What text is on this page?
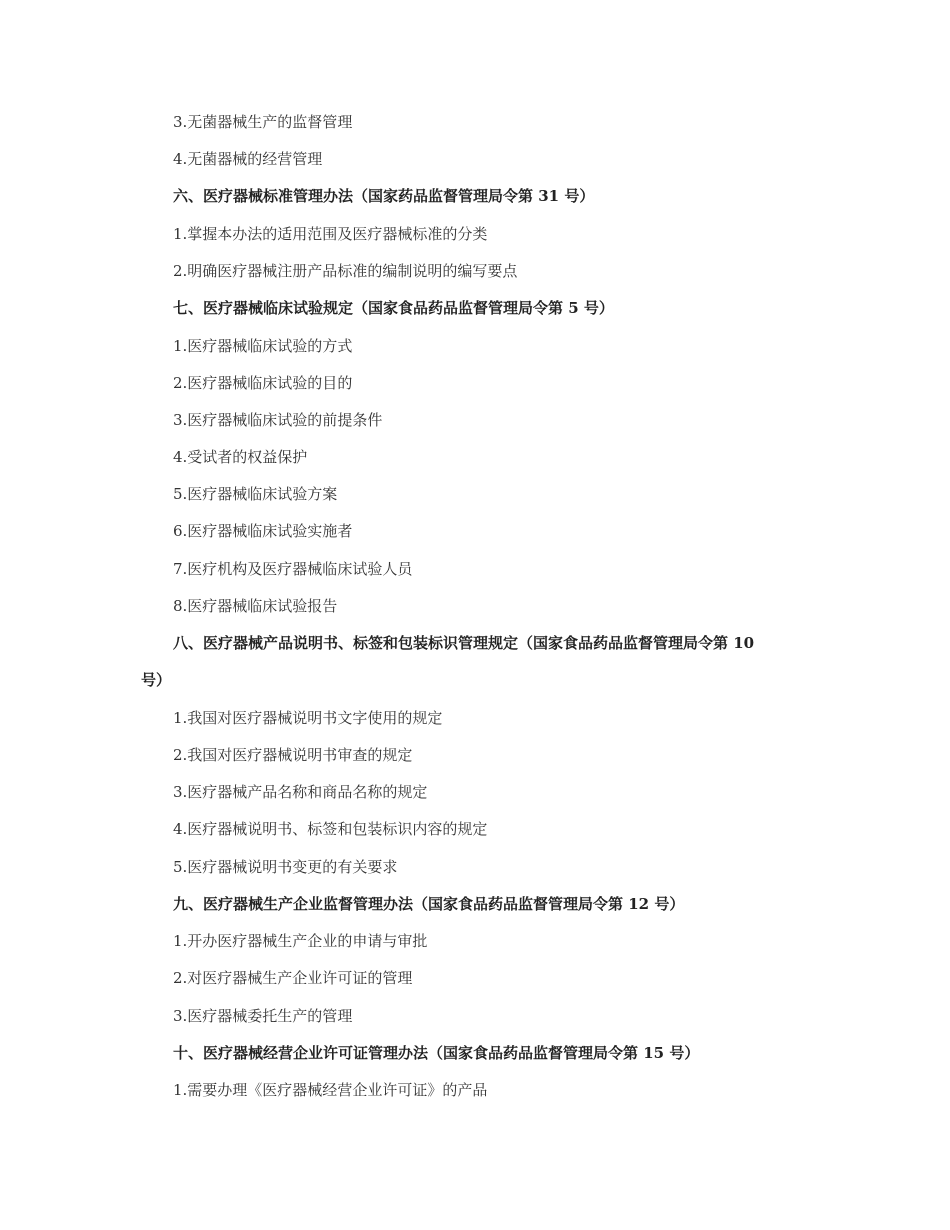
3.无菌器械生产的监督管理
4.无菌器械的经营管理
六、医疗器械标准管理办法（国家药品监督管理局令第 31 号）
1.掌握本办法的适用范围及医疗器械标准的分类
2.明确医疗器械注册产品标准的编制说明的编写要点
七、医疗器械临床试验规定（国家食品药品监督管理局令第 5 号）
1.医疗器械临床试验的方式
2.医疗器械临床试验的目的
3.医疗器械临床试验的前提条件
4.受试者的权益保护
5.医疗器械临床试验方案
6.医疗器械临床试验实施者
7.医疗机构及医疗器械临床试验人员
8.医疗器械临床试验报告
八、医疗器械产品说明书、标签和包装标识管理规定（国家食品药品监督管理局令第 10
号）
1.我国对医疗器械说明书文字使用的规定
2.我国对医疗器械说明书审查的规定
3.医疗器械产品名称和商品名称的规定
4.医疗器械说明书、标签和包装标识内容的规定
5.医疗器械说明书变更的有关要求
九、医疗器械生产企业监督管理办法（国家食品药品监督管理局令第 12 号）
1.开办医疗器械生产企业的申请与审批
2.对医疗器械生产企业许可证的管理
3.医疗器械委托生产的管理
十、医疗器械经营企业许可证管理办法（国家食品药品监督管理局令第 15 号）
1.需要办理《医疗器械经营企业许可证》的产品
